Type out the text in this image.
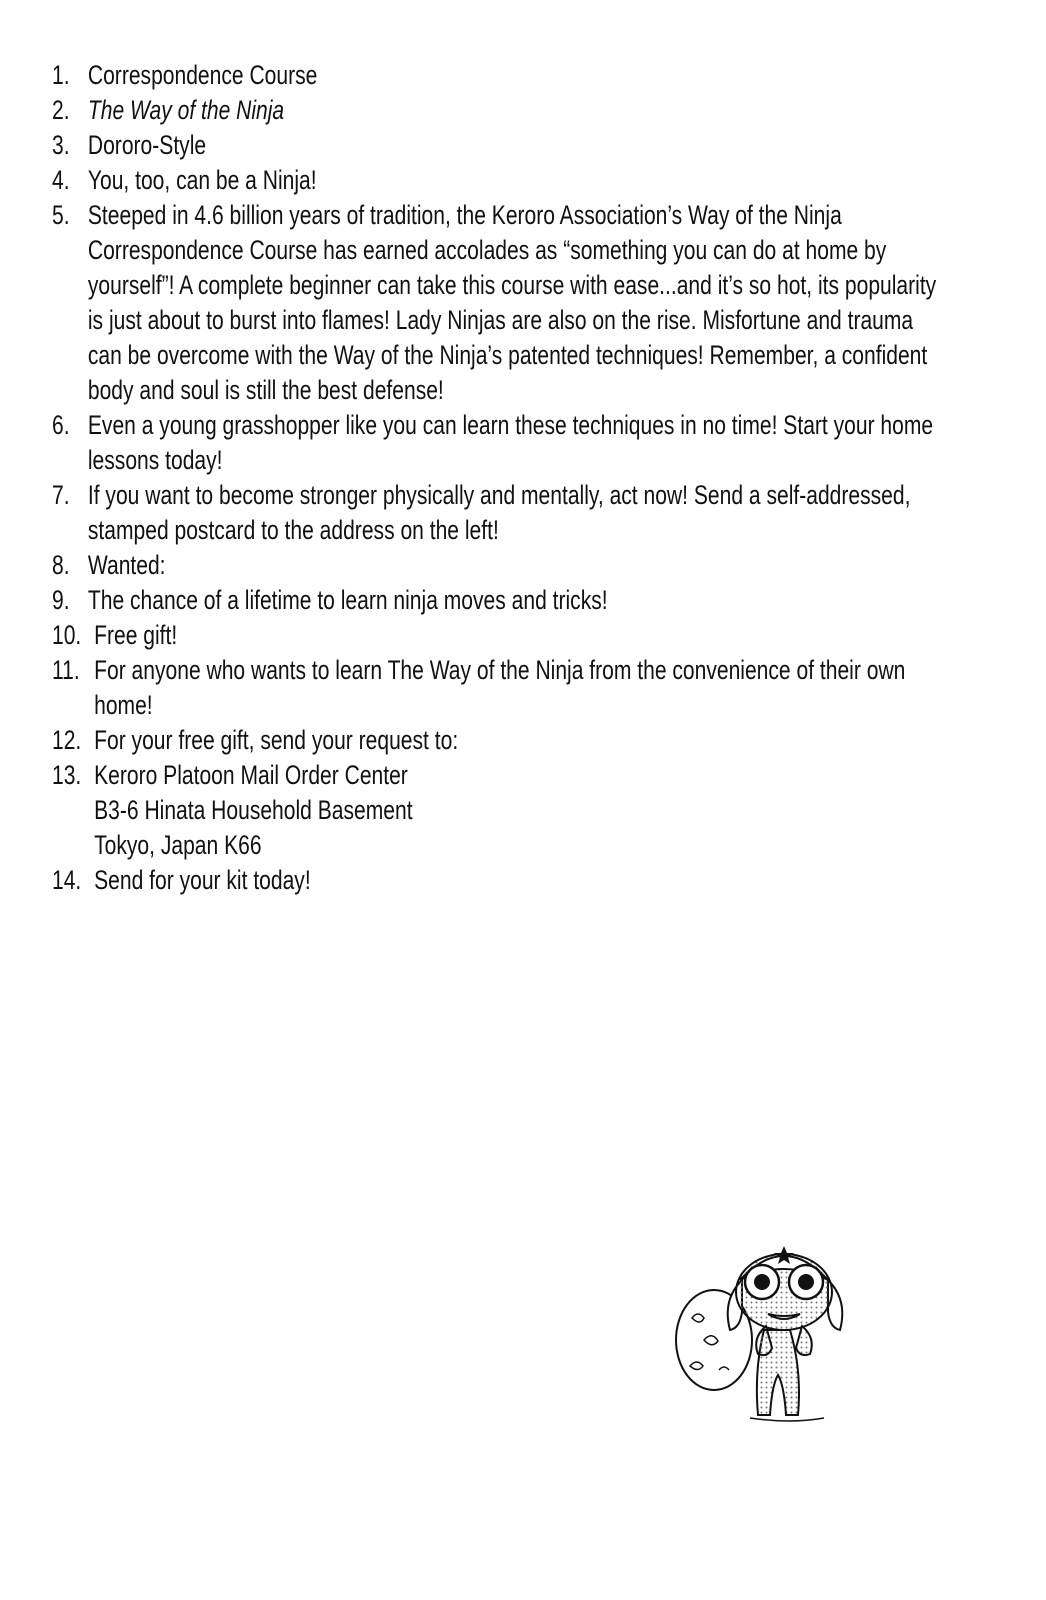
1. Correspondence Course

2. The Way of the Ninja

3. Dororo-Style

4. You, too, can be a Ninja!

5. Steeped in 4.6 billion years of tradition, the Keroro Association’s Way of the Ninja Correspondence Course has earned accolades as “something you can do at home by yourself”! A complete beginner can take this course with ease...and it’s so hot, its popularity is just about to burst into flames! Lady Ninjas are also on the rise. Misfortune and trauma can be overcome with the Way of the Ninja’s patented techniques! Remember, a confident body and soul is still the best defense!

6. Even a young grasshopper like you can learn these techniques in no time! Start your home lessons today!

7. If you want to become stronger physically and mentally, act now! Send a self-addressed, stamped postcard to the address on the left!

8. Wanted:

9. The chance of a lifetime to learn ninja moves and tricks!

10. Free gift!

11. For anyone who wants to learn The Way of the Ninja from the convenience of their own home!

12. For your free gift, send your request to:

13. Keroro Platoon Mail Order Center
B3-6 Hinata Household Basement
Tokyo, Japan K66

14. Send for your kit today!
